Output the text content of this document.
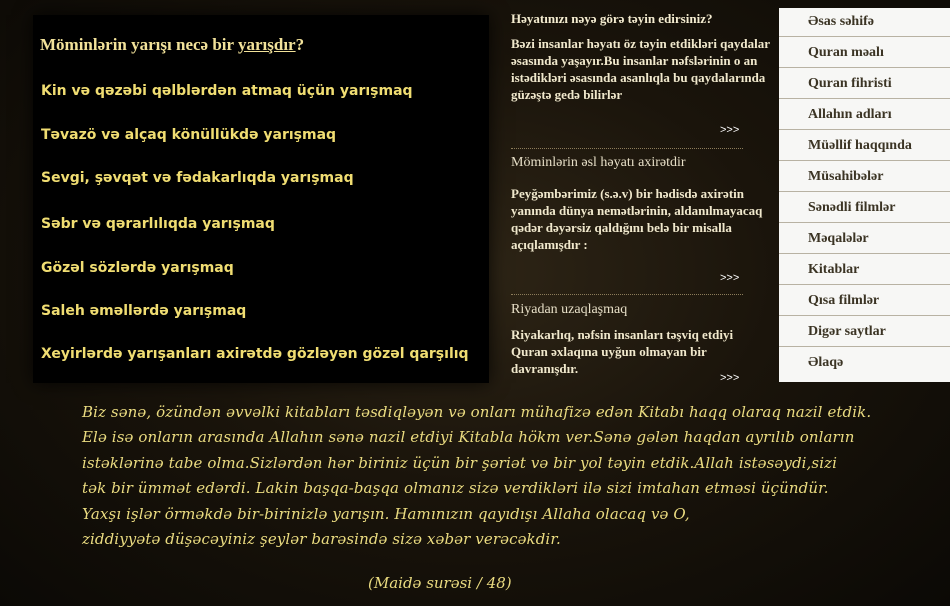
Möminlərin yarışı necə bir yarışdır?
Kin və qəzəbi qəlblərdən atmaq üçün yarışmaq
Təvazö və alçaq könüllükdə yarışmaq
Sevgi, şəvqət və fədakarlıqda yarışmaq
Səbr və qərarlılıqda yarışmaq
Gözəl sözlərdə yarışmaq
Saleh əməllərdə yarışmaq
Xeyirlərdə yarışanları axirətdə gözləyən gözəl qarşılıq
Həyatınızı nəyə görə təyin edirsiniz?
Bəzi insanlar həyatı öz təyin etdikləri qaydalar əsasında yaşayır.Bu insanlar nəfslərinin o an istədikləri əsasında asanlıqla bu qaydalarında güzəştə gedə bilirlər
>>>
Möminlərin əsl həyatı axirətdir
Peyğəmbərimiz (s.ə.v) bir hədisdə axirətin yanında dünya nemətlərinin, aldanılmayacaq qədər dəyərsiz qaldığını belə bir misalla açıqlamışdır :
>>>
Riyadan uzaqlaşmaq
Riyakarlıq, nəfsin insanları təşviq etdiyi Quran əxlaqına uyğun olmayan bir davranışdır.
>>>
Əsas səhifə
Quran məalı
Quran fihristi
Allahın adları
Müəllif haqqında
Müsahibələr
Sənədli filmlər
Məqalələr
Kitablar
Qısa filmlər
Digər saytlar
Əlaqə
Biz sənə, özündən əvvəlki kitabları təsdiqləyən və onları mühafizə edən Kitabı haqq olaraq nazil etdik.
Elə isə onların arasında Allahın sənə nazil etdiyi Kitabla hökm ver.Sənə gələn haqdan ayrılıb onların
istəklərinə tabe olma.Sizlərdən hər biriniz üçün bir şəriət və bir yol təyin etdik.Allah istəsəydi,sizi
tək bir ümmət edərdi. Lakin başqa-başqa olmanız sizə verdikləri ilə sizi imtahan etməsi üçündür.
Yaxşı işlər örməkdə bir-birinizlə yarışın. Hamınızın qayıdışı Allaha olacaq və O,
ziddiyyətə düşəcəyiniz şeylər barəsində sizə xəbər verəcəkdir.
(Maidə surəsi / 48)
